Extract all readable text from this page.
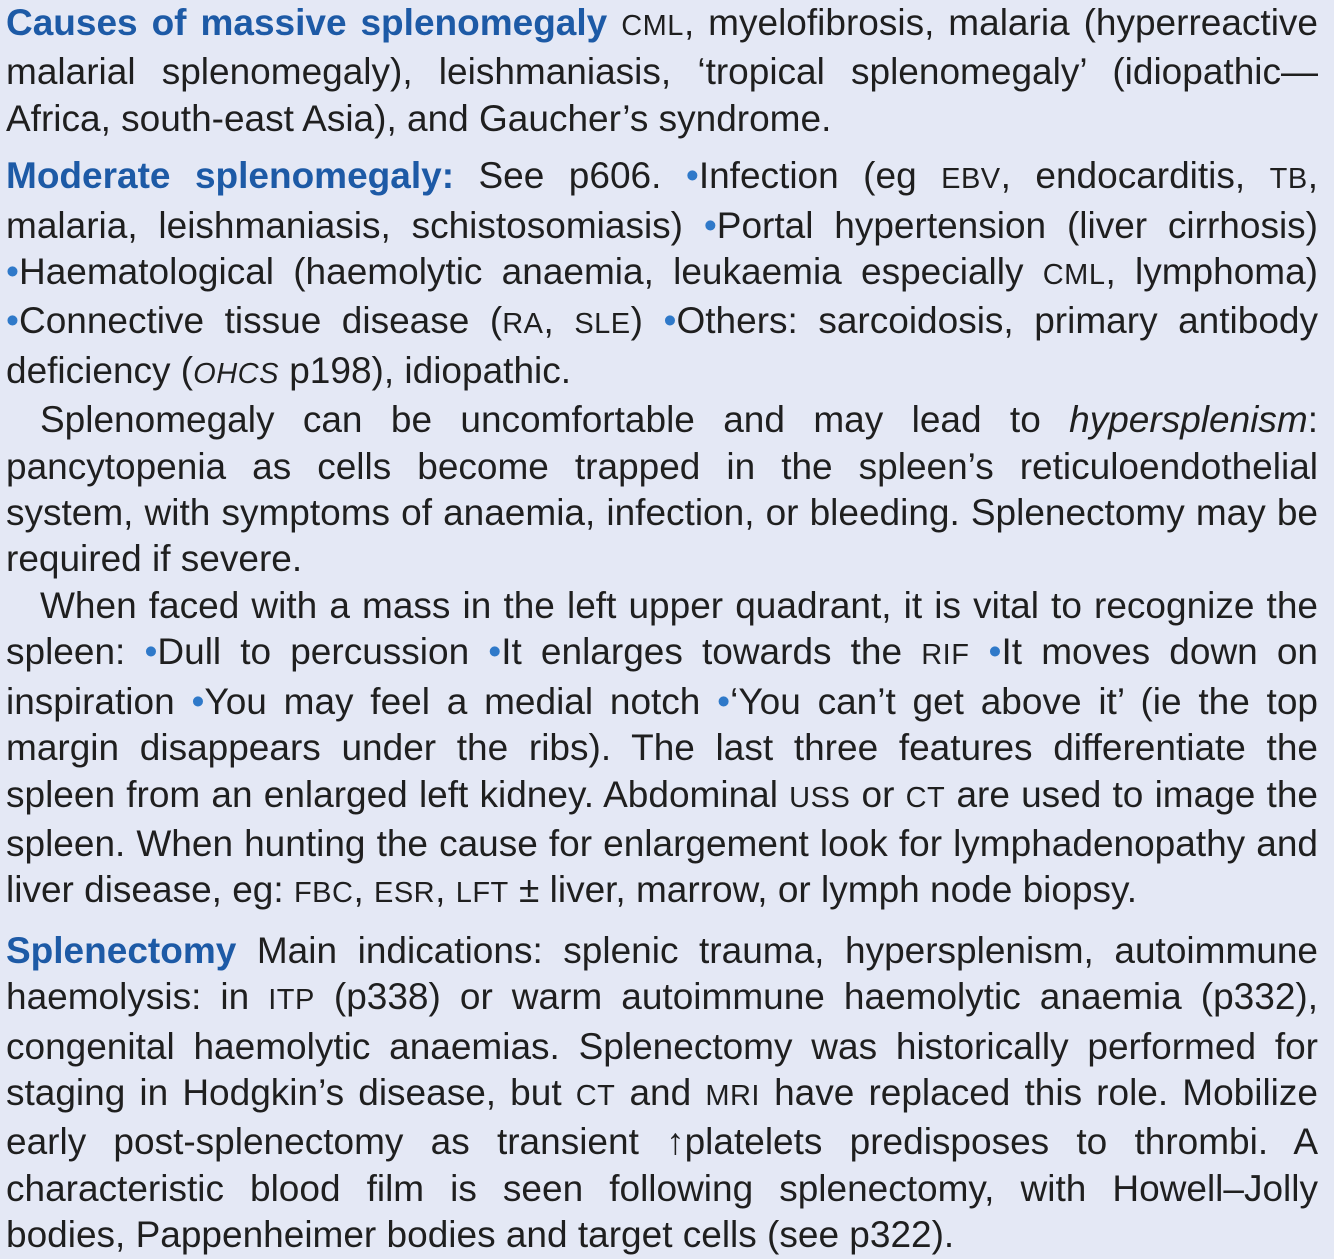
Causes of massive splenomegaly CML, myelofibrosis, malaria (hyperreactive malarial splenomegaly), leishmaniasis, ‘tropical splenomegaly’ (idiopathic—Africa, south-east Asia), and Gaucher’s syndrome.

Moderate splenomegaly: See p606. •Infection (eg EBV, endocarditis, TB, malaria, leishmaniasis, schistosomiasis) •Portal hypertension (liver cirrhosis) •Haematological (haemolytic anaemia, leukaemia especially CML, lymphoma) •Connective tissue disease (RA, SLE) •Others: sarcoidosis, primary antibody deficiency (OHCS p198), idiopathic.

Splenomegaly can be uncomfortable and may lead to hypersplenism: pancytopenia as cells become trapped in the spleen’s reticuloendothelial system, with symptoms of anaemia, infection, or bleeding. Splenectomy may be required if severe.

When faced with a mass in the left upper quadrant, it is vital to recognize the spleen: •Dull to percussion •It enlarges towards the RIF •It moves down on inspiration •You may feel a medial notch •‘You can’t get above it’ (ie the top margin disappears under the ribs). The last three features differentiate the spleen from an enlarged left kidney. Abdominal USS or CT are used to image the spleen. When hunting the cause for enlargement look for lymphadenopathy and liver disease, eg: FBC, ESR, LFT ± liver, marrow, or lymph node biopsy.

Splenectomy Main indications: splenic trauma, hypersplenism, autoimmune haemolysis: in ITP (p338) or warm autoimmune haemolytic anaemia (p332), congenital haemolytic anaemias. Splenectomy was historically performed for staging in Hodgkin’s disease, but CT and MRI have replaced this role. Mobilize early post-splenectomy as transient ↑platelets predisposes to thrombi. A characteristic blood film is seen following splenectomy, with Howell–Jolly bodies, Pappenheimer bodies and target cells (see p322).
